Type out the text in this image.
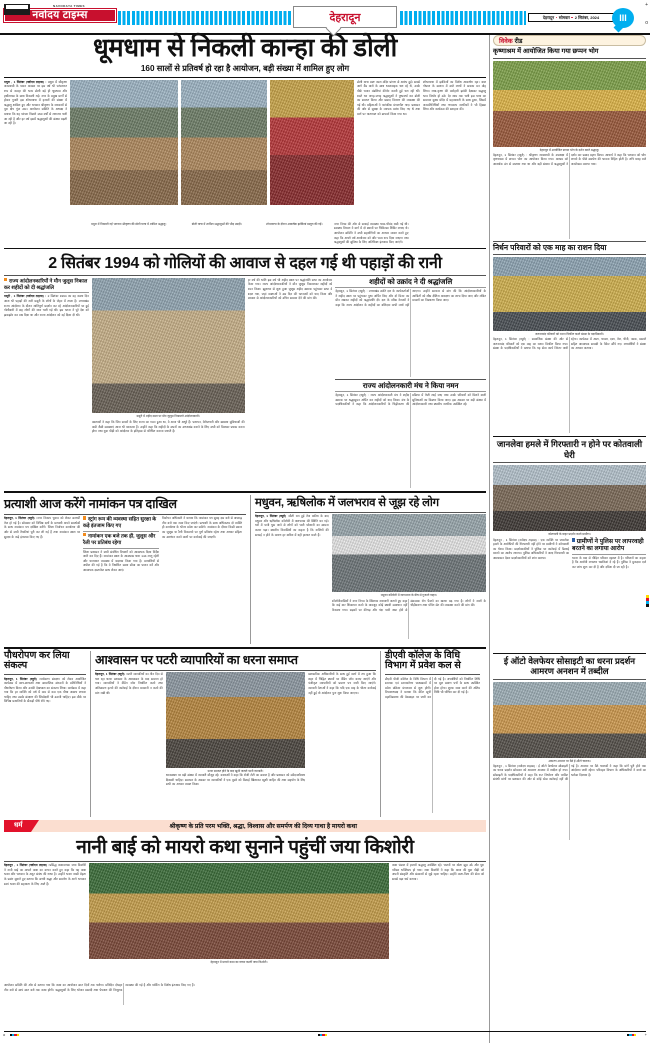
NAVODAYA TIMES
नवोदय टाइम्स	देहरादून	देहरादून सोमवार 2 सितंबर, 2024 III
+
o
धूमधाम से निकली कान्हा की डोली
160 सालों से प्रतिवर्ष हो रहा है आयोजन, बड़ी संख्या में शामिल हुए लोग
मथुरा , 1 सितंबर (नवोदय टाइम्स) : मथुरा में श्रीकृष्ण जन्माष्टमी के पावन अवसर पर इस वर्ष भी परंपरागत रूप से कान्हा की भव्य डोली बड़े ही धूमधाम और हर्षोल्लास के साथ निकाली गई। नगर के प्रमुख मार्गों से होकर गुजरी इस शोभायात्रा में हजारों की संख्या में श्रद्धालु शामिल हुए और भगवान श्रीकृष्ण के जयकारों से पूरा क्षेत्र गूंज उठा। आयोजन समिति के अध्यक्ष ने बताया कि यह परंपरा पिछले 160 वर्षों से लगातार चली आ रही है और हर वर्ष इसमें श्रद्धालुओं की संख्या बढ़ती जा रही है।
डोली यात्रा प्रातः काल मंदिर प्रांगण से आरंभ हुई। सबसे आगे बैंड बाजे के साथ ध्वजवाहक चल रहे थे, उनके पीछे भजन मंडलियां कीर्तन करती हुई चल रही थीं। रास्ते भर जगह-जगह श्रद्धालुओं ने पुष्पवर्षा कर डोली का स्वागत किया और प्रसाद वितरण की व्यवस्था की गई थी। महिलाओं ने पारंपरिक मंगलगीत गाए। प्रशासन की ओर से सुरक्षा के व्यापक प्रबंध किए गए थे तथा मार्ग पर यातायात को डायवर्ट किया गया था।
शोभायात्रा में झांकियों का विशेष आकर्षण रहा। बाल गोपाल के स्वरूप में सजे बच्चों ने सबका मन मोह लिया। राधा-कृष्ण की मनोहारी झांकी देखकर श्रद्धालु भाव विभोर हो उठे। देर शाम तक चली इस यात्रा का समापन मुख्य मंदिर में महाआरती के साथ हुआ, जिसमें जनप्रतिनिधियों तथा गणमान्य नागरिकों ने भी हिस्सा लिया और कार्यक्रम की सराहना की।
मथुरा में निकाली गई भगवान श्रीकृष्ण की डोली यात्रा में शामिल श्रद्धालु।	डोली यात्रा में शामिल श्रद्धालुओं की भीड़ उमड़ी।	शोभायात्रा के दौरान आकर्षक झांकियां प्रस्तुत की गईं।	नगर निगम की ओर से सफाई व्यवस्था चाक-चौबंद रखी गई थी। स्वास्थ्य विभाग ने मार्ग में दो स्थानों पर चिकित्सा शिविर लगाए थे। आयोजन समिति ने सभी सहयोगियों का आभार व्यक्त करते हुए कहा कि अगले वर्ष आयोजन को और भव्य रूप दिया जाएगा तथा श्रद्धालुओं की सुविधा के लिए अतिरिक्त इंतजाम किए जाएंगे।
2 सितंबर 1994 को गोलियों की आवाज से दहल गई थी पहाड़ों की रानी
राज्य आंदोलनकारियों ने मौन जुलूस निकाल कर शहीदों को दी श्रद्धांजलि
मसूरी , 1 सितंबर (नवोदय टाइम्स) : 2 सितंबर 1994 का वह काला दिन आज भी पहाड़ों की रानी मसूरी के लोगों के जेहन में ताजा है। उत्तराखंड राज्य आंदोलन के दौरान शांतिपूर्ण प्रदर्शन कर रहे आंदोलनकारियों पर हुई गोलीबारी में छह लोगों की जान चली गई थी। इस घटना ने पूरे देश को झकझोर कर रख दिया था और राज्य आंदोलन को नई दिशा दी थी।
मसूरी में शहीद स्थल पर मौन जुलूस निकालते आंदोलनकारी।
वक्ताओं ने कहा कि जिन सपनों के लिए राज्य का गठन हुआ था, वे आज भी अधूरे हैं। पलायन, बेरोजगारी और स्वास्थ्य सुविधाओं की कमी जैसी समस्याएं आज भी बरकरार हैं। उन्होंने कहा कि शहीदों के सपनों का उत्तराखंड बनाने के लिए सभी को मिलकर प्रयास करना होगा तथा युवा पीढ़ी को आंदोलन के इतिहास से परिचित कराना जरूरी है।
हर वर्ष की भांति इस वर्ष भी शहीद स्थल पर श्रद्धांजलि सभा का आयोजन किया गया। राज्य आंदोलनकारियों ने मौन जुलूस निकालकर शहीदों को नमन किया। झूलाघर से शुरू हुआ जुलूस शहीद स्मारक पहुंचकर सभा में बदल गया, जहां वक्ताओं ने उस दिन की घटनाओं को याद किया और सरकार से आंदोलनकारियों को उचित सम्मान देने की मांग की।
शहीदों को उक्रांद ने दी श्रद्धांजलि
देहरादून, 1 सितंबर (ब्यूरो) : उत्तराखंड क्रांति दल के कार्यकर्ताओं ने शहीद स्थल पर पहुंचकर पुष्प अर्पित किए और दो मिनट का मौन रखकर शहीदों को श्रद्धांजलि दी। दल के वरिष्ठ नेताओं ने कहा कि राज्य आंदोलन के शहीदों का बलिदान कभी व्यर्थ नहीं जाएगा। उन्होंने सरकार से मांग की कि आंदोलनकारियों के आश्रितों को शीघ्र क्षैतिज आरक्षण का लाभ दिया जाए और लंबित मामलों का निस्तारण किया जाए।
राज्य आंदोलनकारी मंच ने किया नमन
देहरादून, 1 सितंबर (ब्यूरो) : राज्य आंदोलनकारी मंच ने शहीद स्मारक पर श्रद्धासुमन अर्पित कर शहीदों को याद किया। मंच के पदाधिकारियों ने कहा कि आंदोलनकारियों के चिह्नीकरण की प्रक्रिया में तेजी लाई जाए तथा उनके परिवारों को मिलने वाली सुविधाओं का विस्तार किया जाए। इस अवसर पर बड़ी संख्या में आंदोलनकारी तथा स्थानीय नागरिक उपस्थित रहे।
प्रत्याशी आज करेंगे नामांकन पत्र दाखिल
देहरादून, 1 सितंबर (ब्यूरो) :नगर निकाय चुनाव को लेकर सरगर्मी तेज हो गई है। सोमवार को विभिन्न दलों के प्रत्याशी अपने समर्थकों के साथ नामांकन पत्र दाखिल करेंगे। जिला निर्वाचन कार्यालय की ओर से सभी तैयारियां पूरी कर ली गई हैं तथा नामांकन स्थल पर सुरक्षा के कड़े इंतजाम किए गए हैं।
स्ट्रांग रूम की व्यवस्था सहित सुरक्षा के कड़े इंतजाम किए गए
नामांकन एक बजे तक ही, जुलूस और रैली पर प्रतिबंध रहेगा
जिला प्रशासन ने सभी संबंधित विभागों को आवश्यक दिशा निर्देश जारी कर दिए हैं। नामांकन स्थल के आसपास धारा 144 लागू रहेगी और यातायात व्यवस्था में बदलाव किया गया है। प्रत्याशियों से अपील की गई है कि वे निर्धारित समय सीमा का पालन करें और आवश्यक दस्तावेज साथ लेकर आएं।
निर्वाचन अधिकारी ने बताया कि नामांकन पत्र सुबह दस बजे से अपराह्न तीन बजे तक जमा किए जाएंगे। प्रत्याशी के साथ अधिकतम दो व्यक्ति ही कार्यालय के भीतर प्रवेश कर सकेंगे। नामांकन के दौरान किसी प्रकार का जुलूस या रैली निकालने पर पूर्ण प्रतिबंध रहेगा तथा आचार संहिता का उल्लंघन करने वालों पर कार्रवाई की जाएगी।
मधुवन, ऋषिलोक में जलभराव से जूझ रहे लोग
देहरादून, 1 सितंबर (ब्यूरो) :बीती रात हुई तेज बारिश के बाद मधुवन और ऋषिलोक कॉलोनी में जलभराव की स्थिति बन गई। घरों में पानी घुस जाने से लोगों को भारी परेशानी का सामना करना पड़ा। स्थानीय निवासियों का कहना है कि नालियों की सफाई न होने के कारण हर बारिश में यही हालात बनते हैं।
मधुवन कॉलोनी में जलभराव के बीच से गुजरते वाहन।
कॉलोनीवासियों ने नगर निगम के खिलाफ नाराजगी जताते हुए कहा कि कई बार शिकायत करने के बावजूद कोई स्थायी समाधान नहीं निकाला गया। सड़कों पर कीचड़ और गंदा पानी जमा होने से संक्रामक रोग फैलने का खतरा बढ़ गया है। लोगों ने नालों के चौड़ीकरण तथा पंपिंग सेट की व्यवस्था करने की मांग की।
पौधरोपण कर लिया संकल्प
देहरादून, 1 सितंबर (ब्यूरो) :पर्यावरण संरक्षण को लेकर आयोजित कार्यक्रम में छात्र-छात्राओं तथा सामाजिक संगठनों के प्रतिनिधियों ने पौधरोपण किया और उनकी देखभाल का संकल्प लिया। कार्यक्रम में कहा गया कि हर व्यक्ति को वर्ष में कम से कम एक पौधा अवश्य लगाना चाहिए तथा उसके संरक्षण की जिम्मेदारी भी उठानी चाहिए। इस मौके पर विभिन्न प्रजातियों के सैकड़ों पौधे रोपे गए।
आश्वासन पर पटरी व्यापारियों का धरना समाप्त
देहरादून, 1 सितंबर (ब्यूरो) :पटरी व्यापारियों का तीन दिन से चल रहा धरना प्रशासन के आश्वासन के बाद समाप्त हो गया। व्यापारियों ने वेंडिंग जोन निर्धारित करने तथा अतिक्रमण हटाने की कार्रवाई के दौरान मनमानी न करने की मांग रखी थी।
धरना समाप्त होने के बाद खुशी जताते पटरी व्यापारी।
धरनास्थल पर बड़ी संख्या में व्यापारी मौजूद रहे। वक्ताओं ने कहा कि रोजी रोटी का सवाल है और प्रशासन को संवेदनशीलता दिखानी चाहिए। समापन के अवसर पर व्यापारियों ने एक दूसरे को मिठाई खिलाकर खुशी जाहिर की तथा सहयोग के लिए सभी का आभार व्यक्त किया।
प्रशासनिक अधिकारियों के साथ हुई वार्ता में तय हुआ कि शहर में चिह्नित स्थानों पर वेंडिंग जोन बनाए जाएंगे और पंजीकृत व्यापारियों को प्रमाण पत्र जारी किए जाएंगे। व्यापारी नेताओं ने कहा कि यदि एक माह के भीतर कार्रवाई नहीं हुई तो आंदोलन पुनः शुरू किया जाएगा।
डीएवी कॉलेज के विधि विभाग में प्रवेश कल से
डीएवी पीजी कॉलेज के विधि विभाग में स्नातक एवं स्नातकोत्तर पाठ्यक्रमों में प्रवेश प्रक्रिया मंगलवार से शुरू होगी। विभागाध्यक्ष ने बताया कि मेरिट सूची महाविद्यालय की वेबसाइट पर जारी कर दी गई है। अभ्यर्थियों को निर्धारित तिथि पर मूल प्रमाण पत्रों के साथ उपस्थित होना होगा। शुल्क जमा करने की अंतिम तिथि भी घोषित कर दी गई है।
धर्म	श्रीकृष्ण के प्रति परम भक्ति, श्रद्धा, विश्वास और समर्पण की दिव्य गाथा है मायरो कथा
नानी बाई को मायरो कथा सुनाने पहुंचीं जया किशोरी
देहरादून , 1 सितंबर (नवोदय टाइम्स) :प्रसिद्ध कथावाचक जया किशोरी ने नानी बाई का मायरो कथा का वाचन करते हुए कहा कि यह कथा भक्त और भगवान के अटूट संबंध की गाथा है। उन्होंने भक्त नरसी मेहता के प्रसंग सुनाते हुए बताया कि सच्ची श्रद्धा और समर्पण के आगे भगवान स्वयं भक्त की सहायता के लिए आते हैं।
देहरादून में मायरो कथा का वाचन करतीं जया किशोरी।
कथा पंडाल में हजारों श्रद्धालु उपस्थित रहे। भजनों पर श्रोता झूम उठे और पूरा परिसर भक्तिमय हो गया। जया किशोरी ने कहा कि आज की युवा पीढ़ी को अपनी संस्कृति और संस्कारों से जुड़े रहना चाहिए। उन्होंने माता-पिता की सेवा को सबसे बड़ा धर्म बताया।
आयोजन समिति की ओर से बताया गया कि कथा का आयोजन सात दिनों तक चलेगा। प्रतिदिन दोपहर तीन बजे से सायं सात बजे तक कथा होगी। श्रद्धालुओं के लिए भोजन प्रसादी तथा पेयजल की निःशुल्क व्यवस्था की गई है और पार्किंग के विशेष इंतजाम किए गए हैं।
विवेक रीड
कृष्णाश्रम में आयोजित किया गया छप्पन भोग
देहरादून में आयोजित छप्पन भोग के दर्शन करते श्रद्धालु।
देहरादून, 1 सितंबर (ब्यूरो) : श्रीकृष्ण जन्माष्टमी के उपलक्ष्य में कृष्णाश्रम में छप्पन भोग का आयोजन किया गया। आश्रम को आकर्षक ढंग से सजाया गया था और बड़ी संख्या में श्रद्धालुओं ने दर्शन कर प्रसाद ग्रहण किया। आचार्य ने कहा कि भगवान को भोग लगाने के पीछे समर्पण की भावना निहित होती है। रात्रि बारह बजे जन्मोत्सव मनाया गया।
निर्धन परिवारों को एक माह का राशन दिया
जरूरतमंद परिवारों को राशन वितरित करते संस्था के पदाधिकारी।
देहरादून, 1 सितंबर (ब्यूरो) : सामाजिक संस्था की ओर से जरूरतमंद परिवारों को एक माह का राशन वितरित किया गया। संस्था के पदाधिकारियों ने बताया कि यह सेवा कार्य निरंतर जारी रहेगा। कार्यक्रम में आटा, चावल, दाल, तेल, चीनी, नमक, मसाले सहित आवश्यक सामग्री के पैकेट सौंपे गए। लाभार्थियों ने संस्था का आभार जताया।
जानलेवा हमले में गिरफ्तारी न होने पर कोतवाली घेरी
कोतवाली के बाहर प्रदर्शन करते ग्रामीण।
देहरादून , 1 सितंबर (नवोदय टाइम्स) : एक व्यक्ति पर जानलेवा हमले के आरोपियों की गिरफ्तारी नहीं होने पर ग्रामीणों ने कोतवाली का घेराव किया। प्रदर्शनकारियों ने पुलिस पर कार्रवाई में ढिलाई बरतने का आरोप लगाया। पुलिस अधिकारियों ने जल्द गिरफ्तारी का आश्वासन देकर प्रदर्शनकारियों को शांत कराया।
ग्रामीणों ने पुलिस पर लापरवाही बरतने का लगाया आरोप
घटना के बाद से पीड़ित परिवार दहशत में है। परिजनों का कहना है कि आरोपी लगातार धमकियां दे रहे हैं। पुलिस ने मुकदमा दर्ज कर जांच शुरू कर दी है और दबिश दी जा रही है।
ई ऑटो वेलफेयर सोसाइटी का धरना प्रदर्शन आमरण अनशन में तब्दील
आमरण अनशन पर बैठे ई ऑटो चालक।
देहरादून , 1 सितंबर (नवोदय टाइम्स) : ई ऑटो वेलफेयर सोसाइटी का धरना प्रदर्शन सोमवार को आमरण अनशन में तब्दील हो गया। सोसाइटी के पदाधिकारियों ने कहा कि रूट निर्धारण और परमिट संबंधी मांगों पर प्रशासन की ओर से कोई ठोस कार्रवाई नहीं की गई है। अनशन पर बैठे चालकों ने कहा कि मांगें पूरी होने तक आंदोलन जारी रहेगा। परिवहन विभाग के अधिकारियों ने वार्ता का भरोसा दिलाया है।
o	+
